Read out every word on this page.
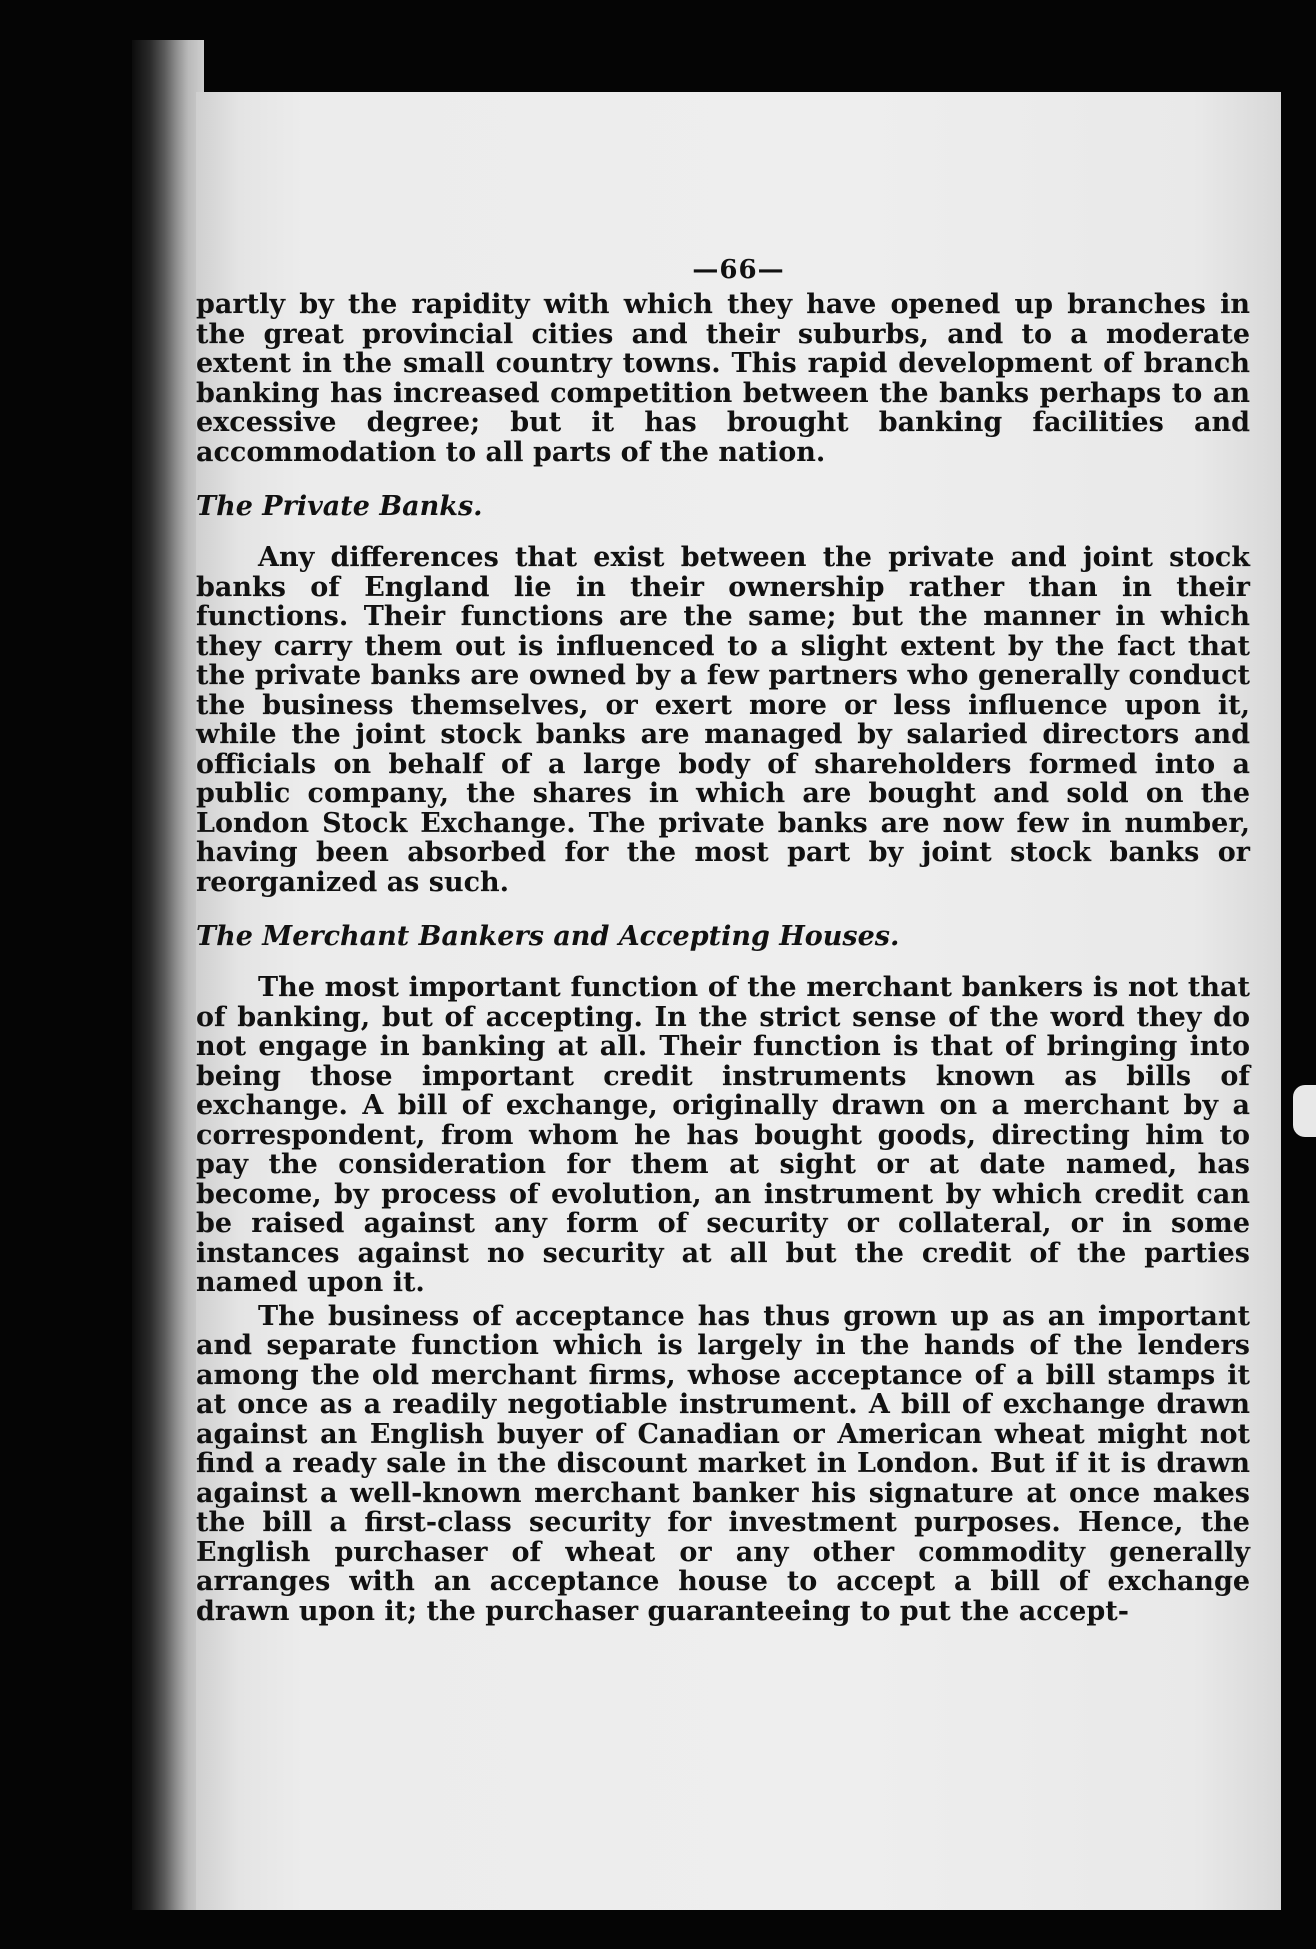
—66—

partly by the rapidity with which they have opened up branches in the great provincial cities and their suburbs, and to a moderate extent in the small country towns. This rapid development of branch banking has increased competition between the banks perhaps to an excessive degree; but it has brought banking facilities and accommodation to all parts of the nation.

The Private Banks.

Any differences that exist between the private and joint stock banks of England lie in their ownership rather than in their functions. Their functions are the same; but the manner in which they carry them out is influenced to a slight extent by the fact that the private banks are owned by a few partners who generally conduct the business themselves, or exert more or less influence upon it, while the joint stock banks are managed by salaried directors and officials on behalf of a large body of shareholders formed into a public company, the shares in which are bought and sold on the London Stock Exchange. The private banks are now few in number, having been absorbed for the most part by joint stock banks or reorganized as such.

The Merchant Bankers and Accepting Houses.

The most important function of the merchant bankers is not that of banking, but of accepting. In the strict sense of the word they do not engage in banking at all. Their function is that of bringing into being those important credit instruments known as bills of exchange. A bill of exchange, originally drawn on a merchant by a correspondent, from whom he has bought goods, directing him to pay the consideration for them at sight or at date named, has become, by process of evolution, an instrument by which credit can be raised against any form of security or collateral, or in some instances against no security at all but the credit of the parties named upon it.

The business of acceptance has thus grown up as an important and separate function which is largely in the hands of the lenders among the old merchant firms, whose acceptance of a bill stamps it at once as a readily negotiable instrument. A bill of exchange drawn against an English buyer of Canadian or American wheat might not find a ready sale in the discount market in London. But if it is drawn against a well-known merchant banker his signature at once makes the bill a first-class security for investment purposes. Hence, the English purchaser of wheat or any other commodity generally arranges with an acceptance house to accept a bill of exchange drawn upon it; the purchaser guaranteeing to put the accept-
